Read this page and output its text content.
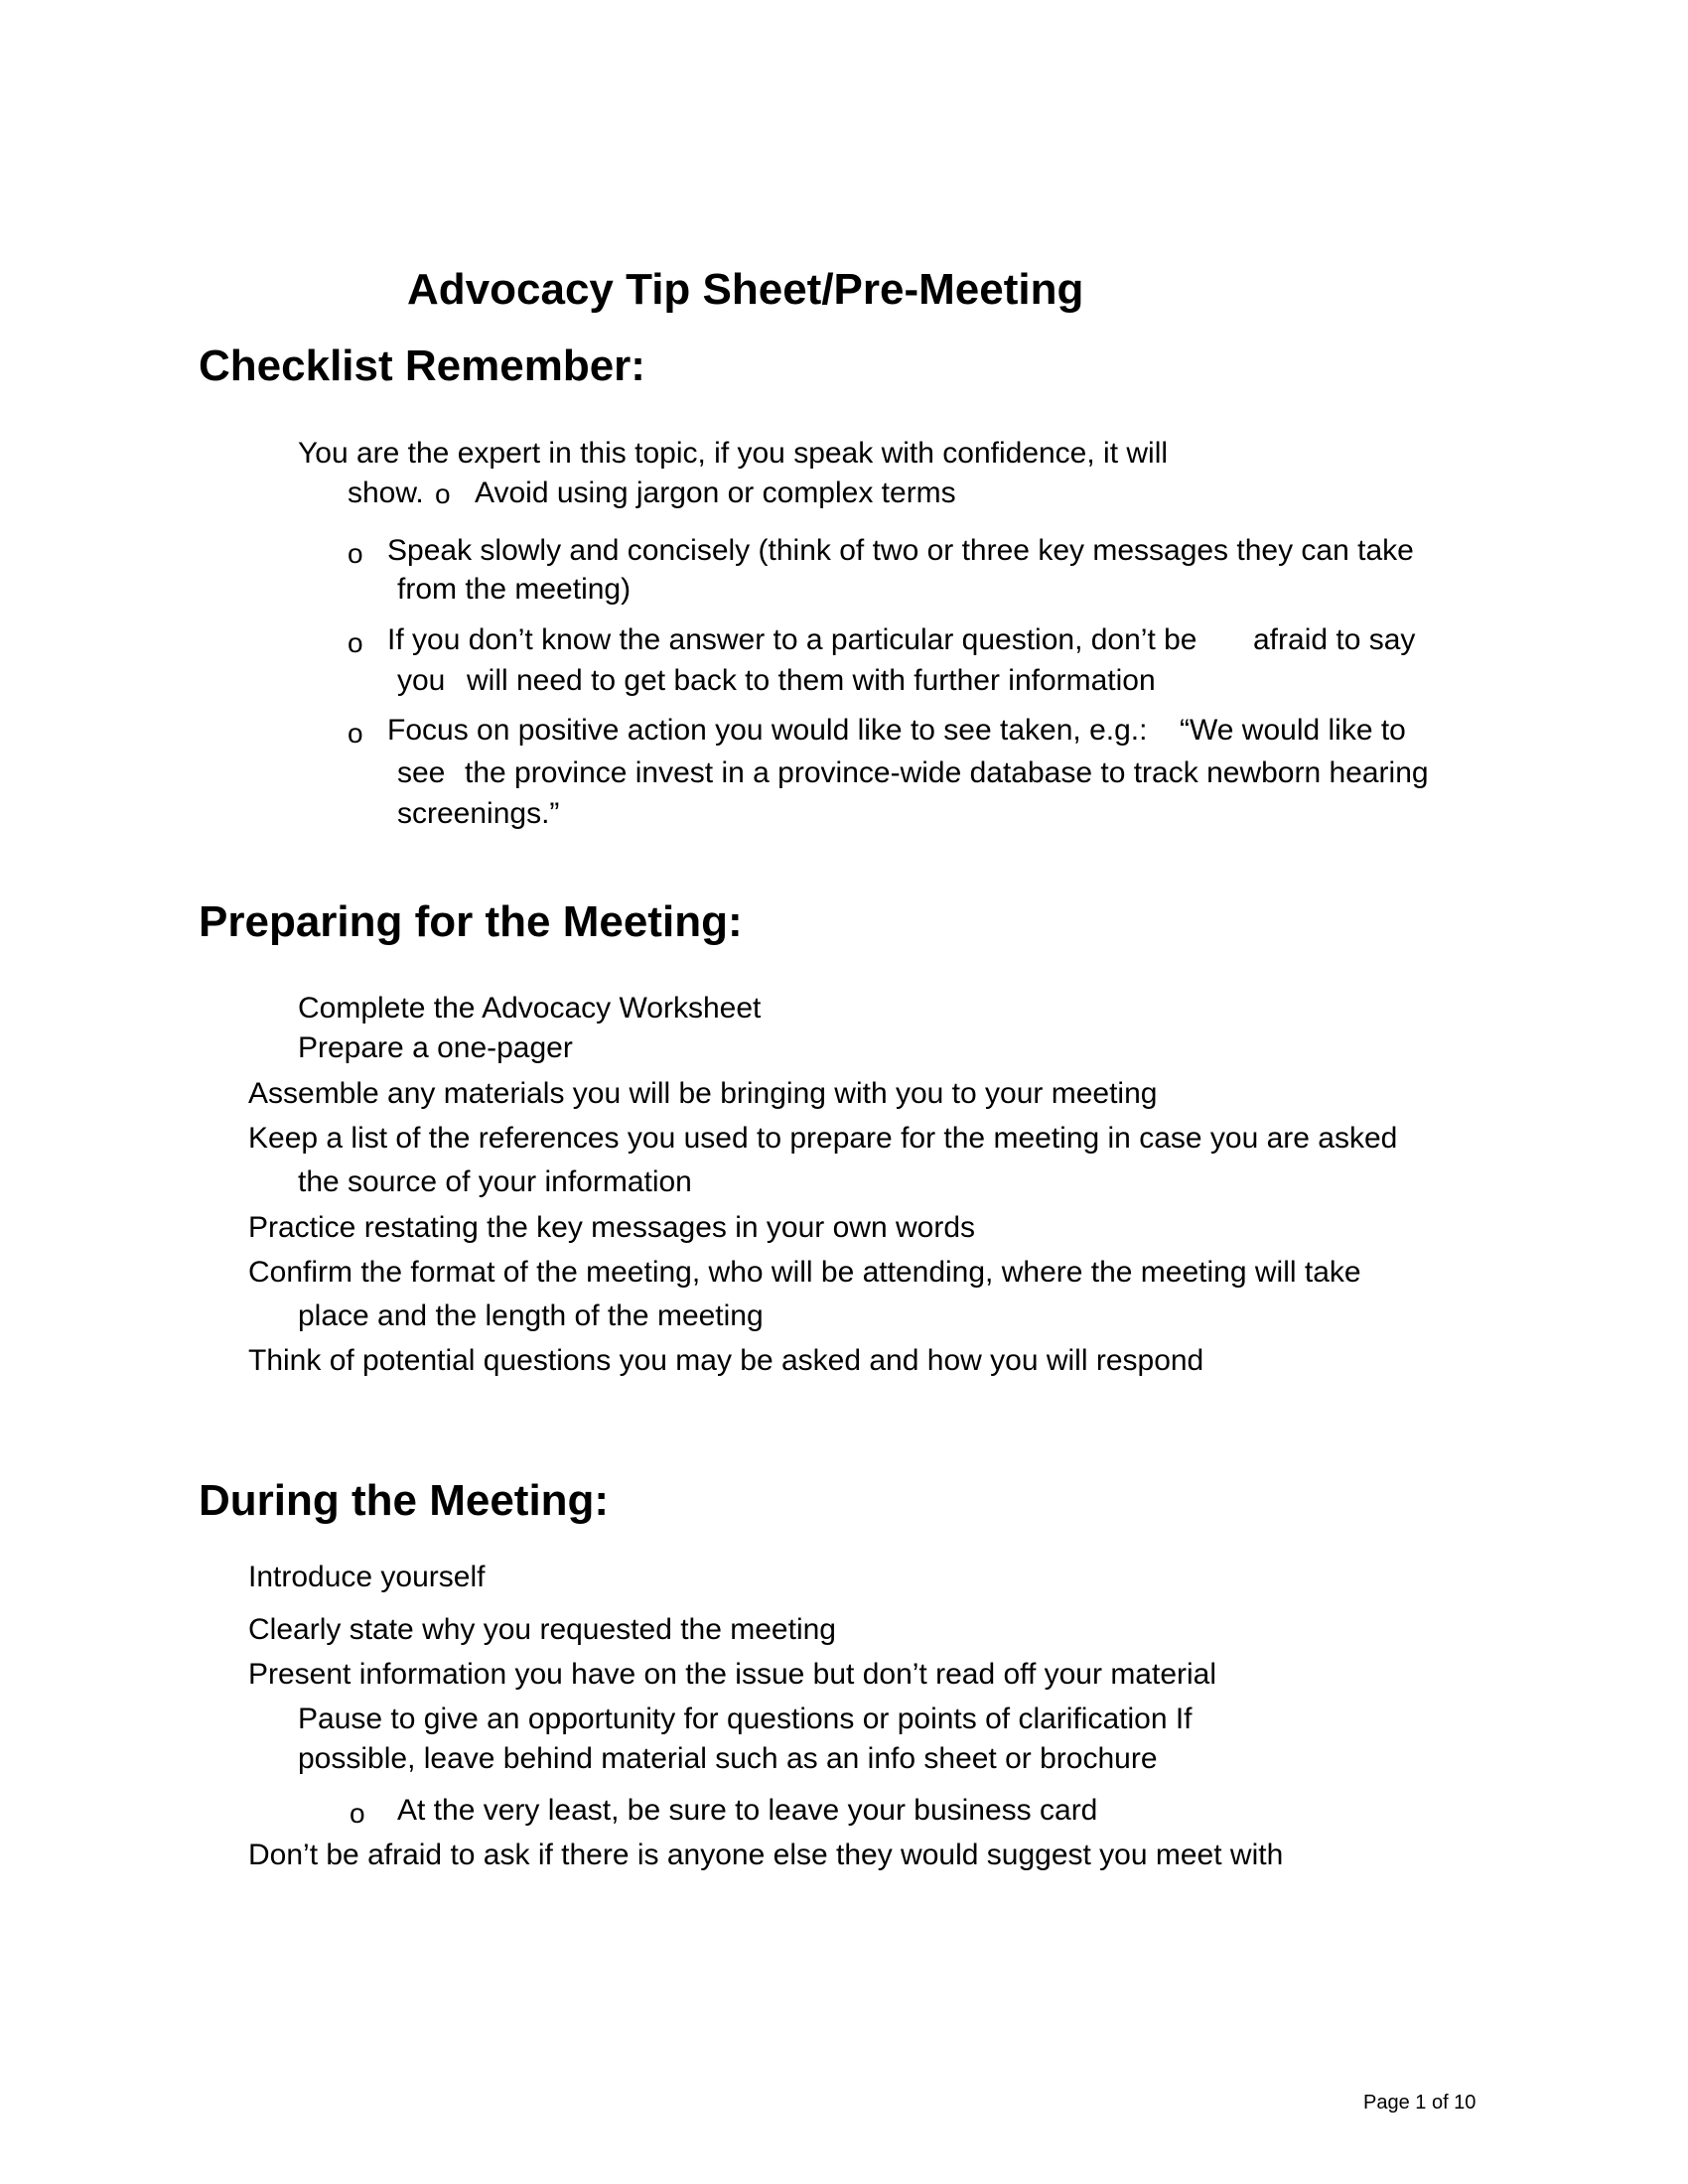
Advocacy Tip Sheet/Pre-Meeting
Checklist Remember:
You are the expert in this topic, if you speak with confidence, it will
show. o Avoid using jargon or complex terms
o Speak slowly and concisely (think of two or three key messages they can take
from the meeting)
o If you don’t know the answer to a particular question, don’t be afraid to say
you will need to get back to them with further information
o Focus on positive action you would like to see taken, e.g.: “We would like to
see the province invest in a province-wide database to track newborn hearing
screenings.”
Preparing for the Meeting:
Complete the Advocacy Worksheet
Prepare a one-pager
Assemble any materials you will be bringing with you to your meeting
Keep a list of the references you used to prepare for the meeting in case you are asked
the source of your information
Practice restating the key messages in your own words
Confirm the format of the meeting, who will be attending, where the meeting will take
place and the length of the meeting
Think of potential questions you may be asked and how you will respond
During the Meeting:
Introduce yourself
Clearly state why you requested the meeting
Present information you have on the issue but don’t read off your material
Pause to give an opportunity for questions or points of clarification If
possible, leave behind material such as an info sheet or brochure
o At the very least, be sure to leave your business card
Don’t be afraid to ask if there is anyone else they would suggest you meet with
Page 1 of 10
